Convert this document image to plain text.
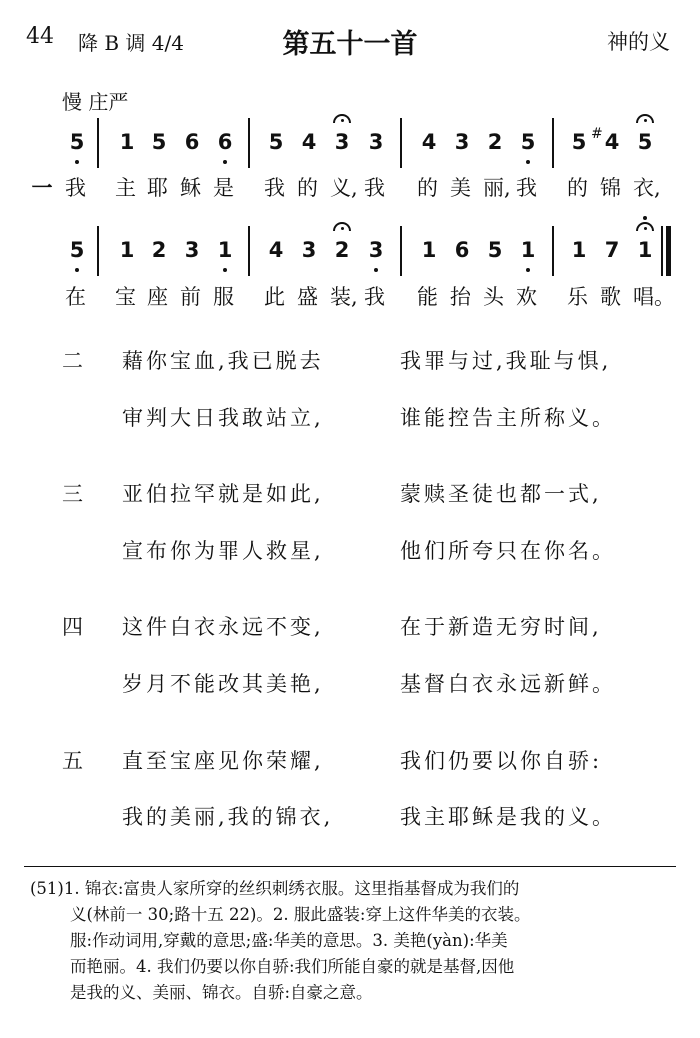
44 降 B 调 4/4	第五十一首	神的义
慢 庄严
5 1 5 6 6 5 4 3 3 4 3 2 5 5 4
# 5
一 我 主 耶 稣 是 我 的 义, 我 的 美 丽, 我 的 锦 衣,
5 1 2 3 1 4 3 2 3 1 6 5 1 1 7 1
在 宝 座 前 服 此 盛 装, 我 能 抬 头 欢 乐 歌 唱。
二 藉你宝血,我已脱去	我罪与过,我耻与惧,
审判大日我敢站立,	谁能控告主所称义。
三 亚伯拉罕就是如此,	蒙赎圣徒也都一式,
宣布你为罪人救星,	他们所夸只在你名。
四 这件白衣永远不变,	在于新造无穷时间,
岁月不能改其美艳,	基督白衣永远新鲜。
五 直至宝座见你荣耀,	我们仍要以你自骄:
我的美丽,我的锦衣,	我主耶稣是我的义。
(51)1. 锦衣:富贵人家所穿的丝织刺绣衣服。这里指基督成为我们的
义(林前一 30;路十五 22)。2. 服此盛装:穿上这件华美的衣装。
服:作动词用,穿戴的意思;盛:华美的意思。3. 美艳(yàn):华美
而艳丽。4. 我们仍要以你自骄:我们所能自豪的就是基督,因他
是我的义、美丽、锦衣。自骄:自豪之意。
